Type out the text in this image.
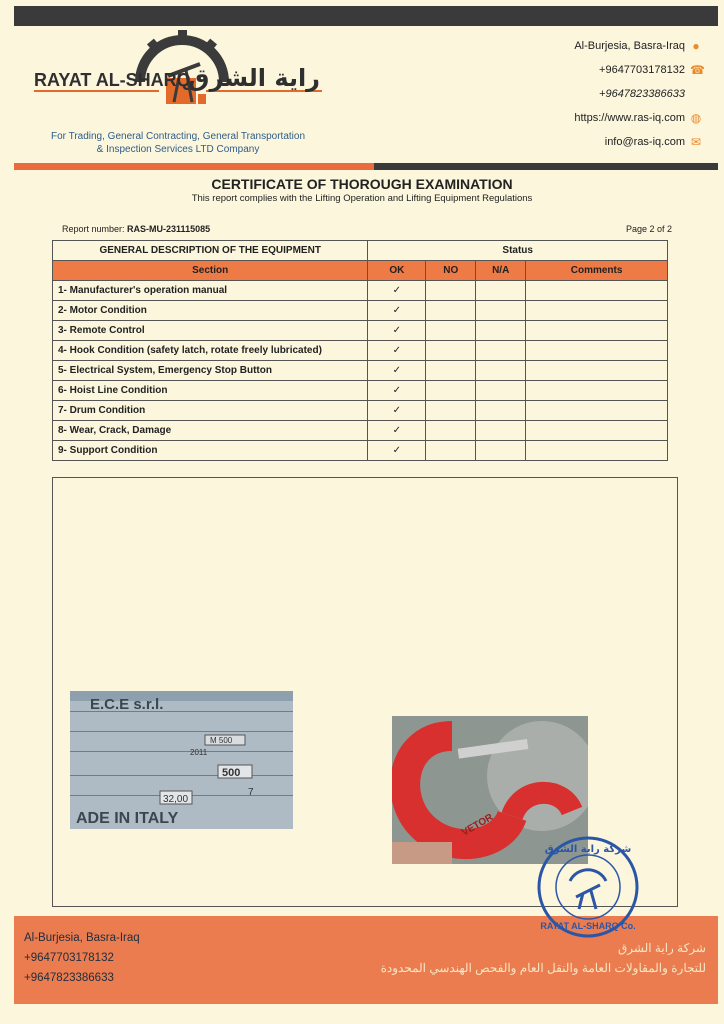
RAYAT AL-SHARQ
راية الشرق
For Trading, General Contracting, General Transportation
& Inspection Services LTD Company
Al-Burjesia, Basra-Iraq ●
+9647703178132 ☎
+9647823386633
https://www.ras-iq.com ◍
info@ras-iq.com ✉
CERTIFICATE OF THOROUGH EXAMINATION
This report complies with the Lifting Operation and Lifting Equipment Regulations
Report number: RAS-MU-231115085	Page 2 of 2
GENERAL DESCRIPTION OF THE EQUIPMENT	Status			
Section	OK	NO	N/A	Comments
1- Manufacturer's operation manual	✓			
2- Motor Condition	✓			
3- Remote Control	✓			
4- Hook Condition (safety latch, rotate freely lubricated)	✓			
5- Electrical System, Emergency Stop Button	✓			
6- Hoist Line Condition	✓			
7- Drum Condition	✓			
8- Wear, Crack, Damage	✓			
9- Support Condition	✓			
E.C.E s.r.l.
M 500
2011
500
32,00
7
ADE IN ITALY	VETOR
Al-Burjesia, Basra-Iraq
+9647703178132
+9647823386633
شركة راية الشرق
للتجارة والمقاولات العامة والنقل العام والفحص الهندسي المحدودة
شركة راية الشرق
RAYAT AL-SHARQ Co.
